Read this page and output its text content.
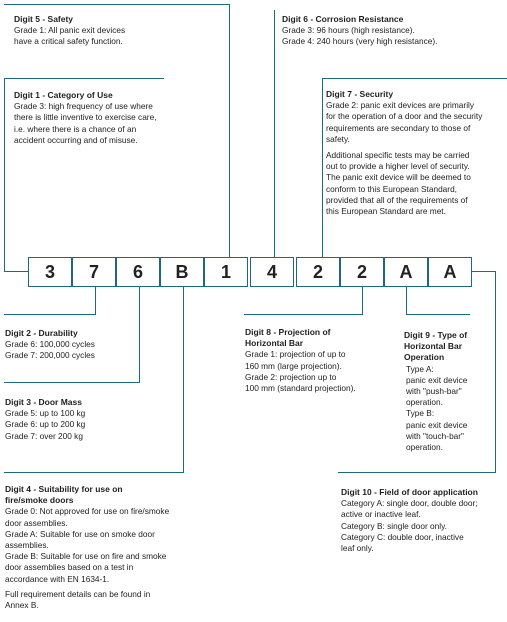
3	7	6	B	1	4	2	2	A	A
Digit 5 - Safety
Grade 1: All panic exit devices
have a critical safety function.
Digit 1 - Category of Use
Grade 3: high frequency of use where
there is little inventive to exercise care,
i.e. where there is a chance of an
accident occurring and of misuse.
Digit 6 - Corrosion Resistance
Grade 3: 96 hours (high resistance).
Grade 4: 240 hours (very high resistance).
Digit 7 - Security
Grade 2: panic exit devices are primarily
for the operation of a door and the security
requirements are secondary to those of
safety.
Additional specific tests may be carried
out to provide a higher level of security.
The panic exit device will be deemed to
conform to this European Standard,
provided that all of the requirements of
this European Standard are met.
Digit 2 - Durability
Grade 6: 100,000 cycles
Grade 7: 200,000 cycles
Digit 3 - Door Mass
Grade 5: up to 100 kg
Grade 6: up to 200 kg
Grade 7: over 200 kg
Digit 8 - Projection of
Horizontal Bar
Grade 1: projection of up to
160 mm (large projection).
Grade 2: projection up to
100 mm (standard projection).
Digit 9 - Type of
Horizontal Bar
Operation
Type A:
panic exit device
with "push-bar"
operation.
Type B:
panic exit device
with "touch-bar"
operation.
Digit 4 - Suitability for use on
fire/smoke doors
Grade 0: Not approved for use on fire/smoke
door assemblies.
Grade A: Suitable for use on smoke door
assemblies.
Grade B: Suitable for use on fire and smoke
door assemblies based on a test in
accordance with EN 1634-1.
Full requirement details can be found in
Annex B.
Digit 10 - Field of door application
Category A: single door, double door;
active or inactive leaf.
Category B: single door only.
Category C: double door, inactive
leaf only.
